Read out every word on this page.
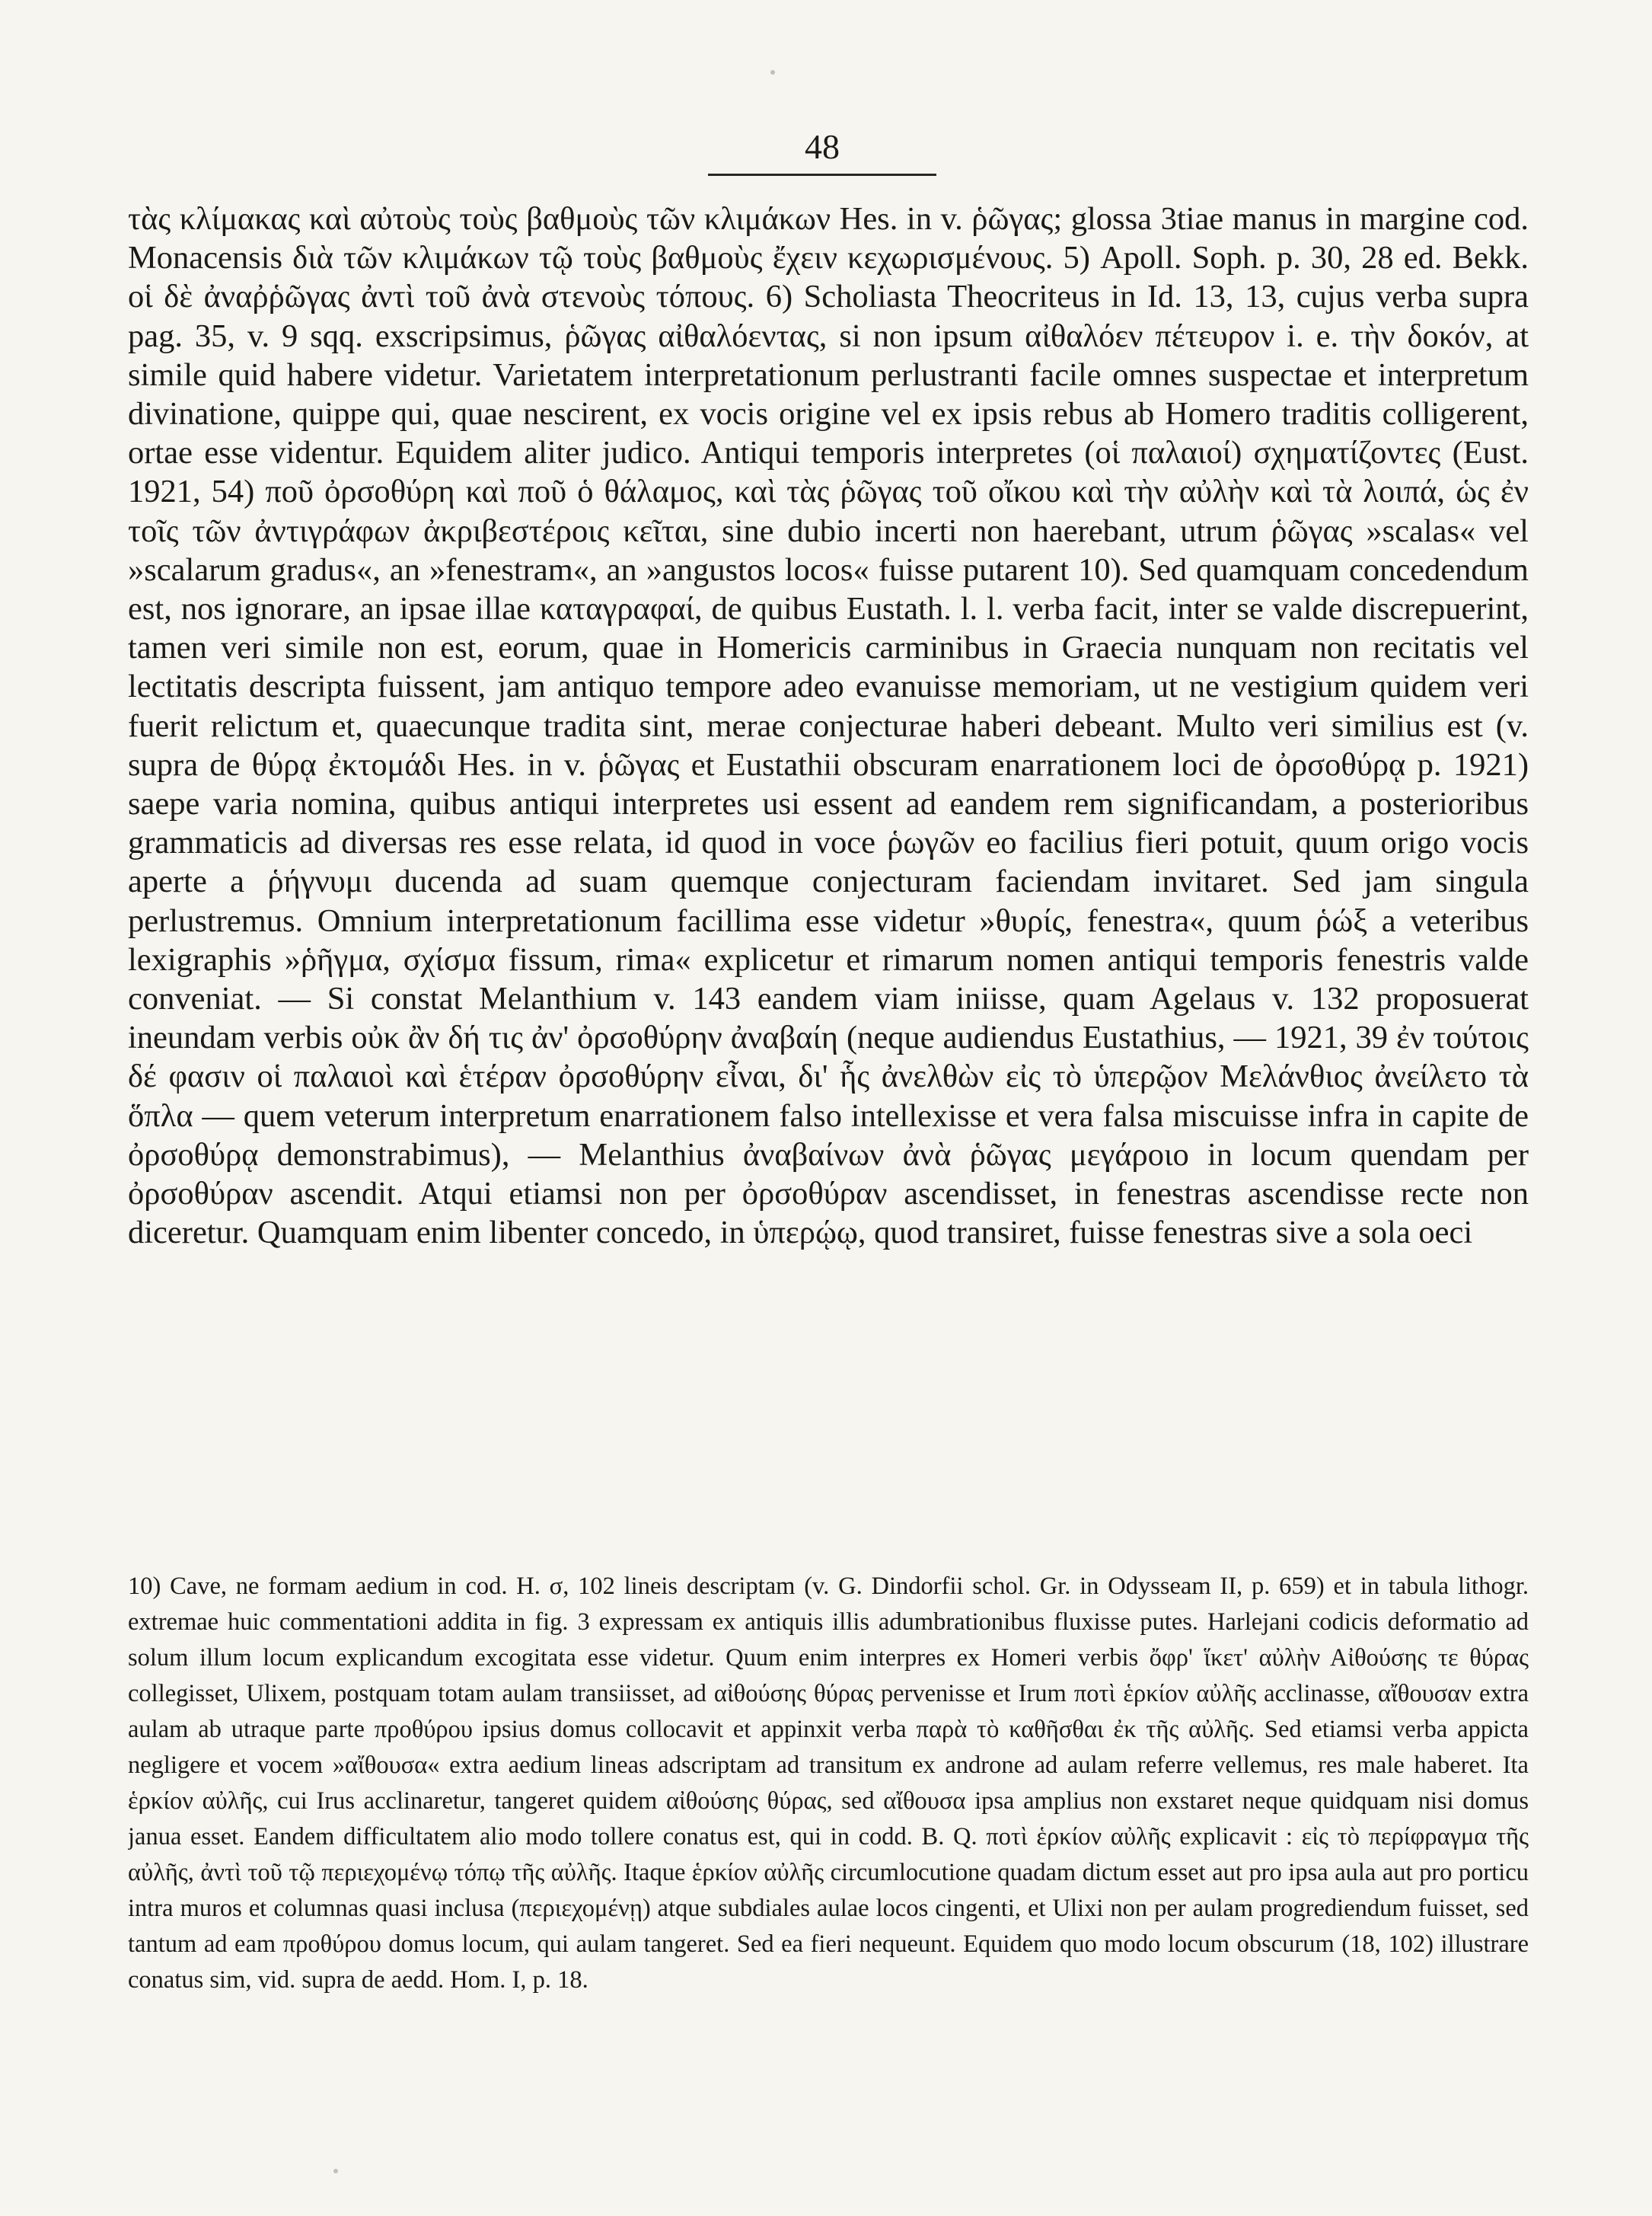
48

τὰς κλίμακας καὶ αὐτοὺς τοὺς βαθμοὺς τῶν κλιμάκων Hes. in v. ῥῶγας; glossa 3tiae manus in margine cod. Monacensis διὰ τῶν κλιμάκων τῷ τοὺς βαθμοὺς ἔχειν κεχωρισμένους. 5) Apoll. Soph. p. 30, 28 ed. Bekk. οἱ δὲ ἀναῤῥῶγας ἀντὶ τοῦ ἀνὰ στενοὺς τόπους. 6) Scholiasta Theocriteus in Id. 13, 13, cujus verba supra pag. 35, v. 9 sqq. exscripsimus, ῥῶγας αἰθαλόεντας, si non ipsum αἰθαλόεν πέτευρον i. e. τὴν δοκόν, at simile quid habere videtur. Varietatem interpretationum perlustranti facile omnes suspectae et interpretum divinatione, quippe qui, quae nescirent, ex vocis origine vel ex ipsis rebus ab Homero traditis colligerent, ortae esse videntur. Equidem aliter judico. Antiqui temporis interpretes (οἱ παλαιοί) σχηματίζοντες (Eust. 1921, 54) ποῦ ὀρσοθύρη καὶ ποῦ ὁ θάλαμος, καὶ τὰς ῥῶγας τοῦ οἴκου καὶ τὴν αὐλὴν καὶ τὰ λοιπά, ὡς ἐν τοῖς τῶν ἀντιγράφων ἀκριβεστέροις κεῖται, sine dubio incerti non haerebant, utrum ῥῶγας »scalas« vel »scalarum gradus«, an »fenestram«, an »angustos locos« fuisse putarent 10). Sed quamquam concedendum est, nos ignorare, an ipsae illae καταγραφαί, de quibus Eustath. l. l. verba facit, inter se valde discrepuerint, tamen veri simile non est, eorum, quae in Homericis carminibus in Graecia nunquam non recitatis vel lectitatis descripta fuissent, jam antiquo tempore adeo evanuisse memoriam, ut ne vestigium quidem veri fuerit relictum et, quaecunque tradita sint, merae conjecturae haberi debeant. Multo veri similius est (v. supra de θύρᾳ ἐκτομάδι Hes. in v. ῥῶγας et Eustathii obscuram enarrationem loci de ὀρσοθύρᾳ p. 1921) saepe varia nomina, quibus antiqui interpretes usi essent ad eandem rem significandam, a posterioribus grammaticis ad diversas res esse relata, id quod in voce ῥωγῶν eo facilius fieri potuit, quum origo vocis aperte a ῥήγνυμι ducenda ad suam quemque conjecturam faciendam invitaret. Sed jam singula perlustremus. Omnium interpretationum facillima esse videtur »θυρίς, fenestra«, quum ῥώξ a veteribus lexigraphis »ῥῆγμα, σχίσμα fissum, rima« explicetur et rimarum nomen antiqui temporis fenestris valde conveniat. — Si constat Melanthium v. 143 eandem viam iniisse, quam Agelaus v. 132 proposuerat ineundam verbis οὐκ ἂν δή τις ἀν' ὀρσοθύρην ἀναβαίη (neque audiendus Eustathius, — 1921, 39 ἐν τούτοις δέ φασιν οἱ παλαιοὶ καὶ ἑτέραν ὀρσοθύρην εἶναι, δι' ἧς ἀνελθὼν εἰς τὸ ὑπερῷον Μελάνθιος ἀνείλετο τὰ ὅπλα — quem veterum interpretum enarrationem falso intellexisse et vera falsa miscuisse infra in capite de ὀρσοθύρᾳ demonstrabimus), — Melanthius ἀναβαίνων ἀνὰ ῥῶγας μεγάροιο in locum quendam per ὀρσοθύραν ascendit. Atqui etiamsi non per ὀρσοθύραν ascendisset, in fenestras ascendisse recte non diceretur. Quamquam enim libenter concedo, in ὑπερῴῳ, quod transiret, fuisse fenestras sive a sola oeci

10) Cave, ne formam aedium in cod. H. σ, 102 lineis descriptam (v. G. Dindorfii schol. Gr. in Odysseam II, p. 659) et in tabula lithogr. extremae huic commentationi addita in fig. 3 expressam ex antiquis illis adumbrationibus fluxisse putes. Harlejani codicis deformatio ad solum illum locum explicandum excogitata esse videtur. Quum enim interpres ex Homeri verbis ὄφρ' ἵκετ' αὐλὴν Αἰθούσης τε θύρας collegisset, Ulixem, postquam totam aulam transiisset, ad αἰθούσης θύρας pervenisse et Irum ποτὶ ἑρκίον αὐλῆς acclinasse, αἴθουσαν extra aulam ab utraque parte προθύρου ipsius domus collocavit et appinxit verba παρὰ τὸ καθῆσθαι ἐκ τῆς αὐλῆς. Sed etiamsi verba appicta negligere et vocem »αἴθουσα« extra aedium lineas adscriptam ad transitum ex androne ad aulam referre vellemus, res male haberet. Ita ἑρκίον αὐλῆς, cui Irus acclinaretur, tangeret quidem αἰθούσης θύρας, sed αἴθουσα ipsa amplius non exstaret neque quidquam nisi domus janua esset. Eandem difficultatem alio modo tollere conatus est, qui in codd. B. Q. ποτὶ ἑρκίον αὐλῆς explicavit : εἰς τὸ περίφραγμα τῆς αὐλῆς, ἀντὶ τοῦ τῷ περιεχομένῳ τόπῳ τῆς αὐλῆς. Itaque ἑρκίον αὐλῆς circumlocutione quadam dictum esset aut pro ipsa aula aut pro porticu intra muros et columnas quasi inclusa (περιεχομένῃ) atque subdiales aulae locos cingenti, et Ulixi non per aulam progrediendum fuisset, sed tantum ad eam προθύρου domus locum, qui aulam tangeret. Sed ea fieri nequeunt. Equidem quo modo locum obscurum (18, 102) illustrare conatus sim, vid. supra de aedd. Hom. I, p. 18.
